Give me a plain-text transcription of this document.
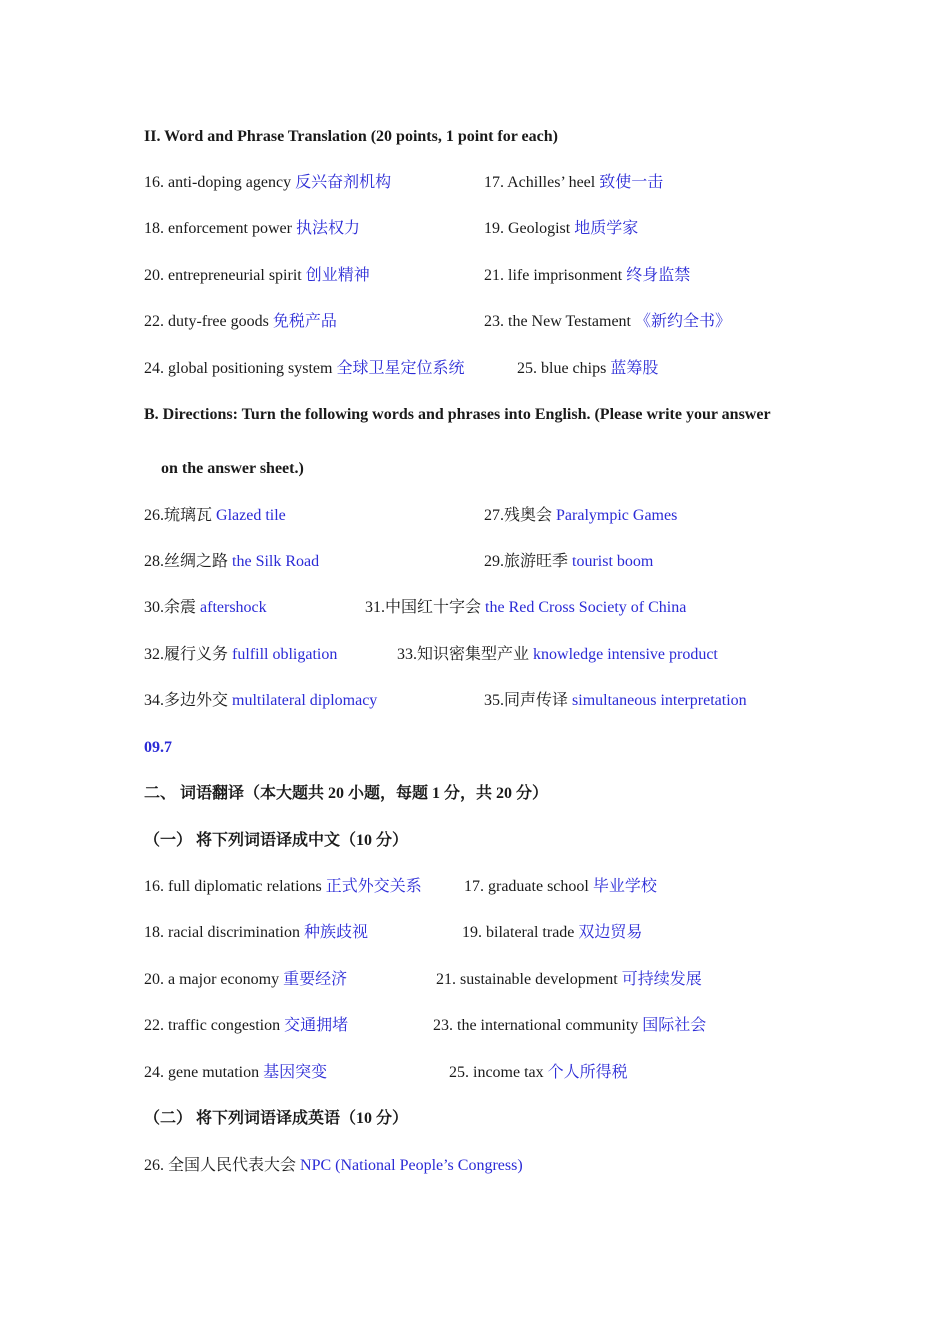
II. Word and Phrase Translation (20 points, 1 point for each)
16. anti-doping agency 反兴奋剂机构	17. Achilles’ heel 致使一击
18. enforcement power 执法权力	19. Geologist 地质学家
20. entrepreneurial spirit 创业精神	21. life imprisonment 终身监禁
22. duty-free goods 免税产品	23. the New Testament 《新约全书》
24. global positioning system 全球卫星定位系统	25. blue chips 蓝筹股
B. Directions: Turn the following words and phrases into English. (Please write your answer
on the answer sheet.)
26.琉璃瓦 Glazed tile	27.残奥会 Paralympic Games
28.丝绸之路 the Silk Road	29.旅游旺季 tourist boom
30.余震 aftershock	31.中国红十字会 the Red Cross Society of China
32.履行义务 fulfill obligation	33.知识密集型产业 knowledge intensive product
34.多边外交 multilateral diplomacy	35.同声传译 simultaneous interpretation
09.7
二、 词语翻译（本大题共 20 小题，每题 1 分，共 20 分）
（一） 将下列词语译成中文（10 分）
16. full diplomatic relations 正式外交关系	17. graduate school 毕业学校
18. racial discrimination 种族歧视	19. bilateral trade 双边贸易
20. a major economy 重要经济	21. sustainable development 可持续发展
22. traffic congestion 交通拥堵	23. the international community 国际社会
24. gene mutation 基因突变	25. income tax 个人所得税
（二） 将下列词语译成英语（10 分）
26. 全国人民代表大会 NPC (National People’s Congress)
